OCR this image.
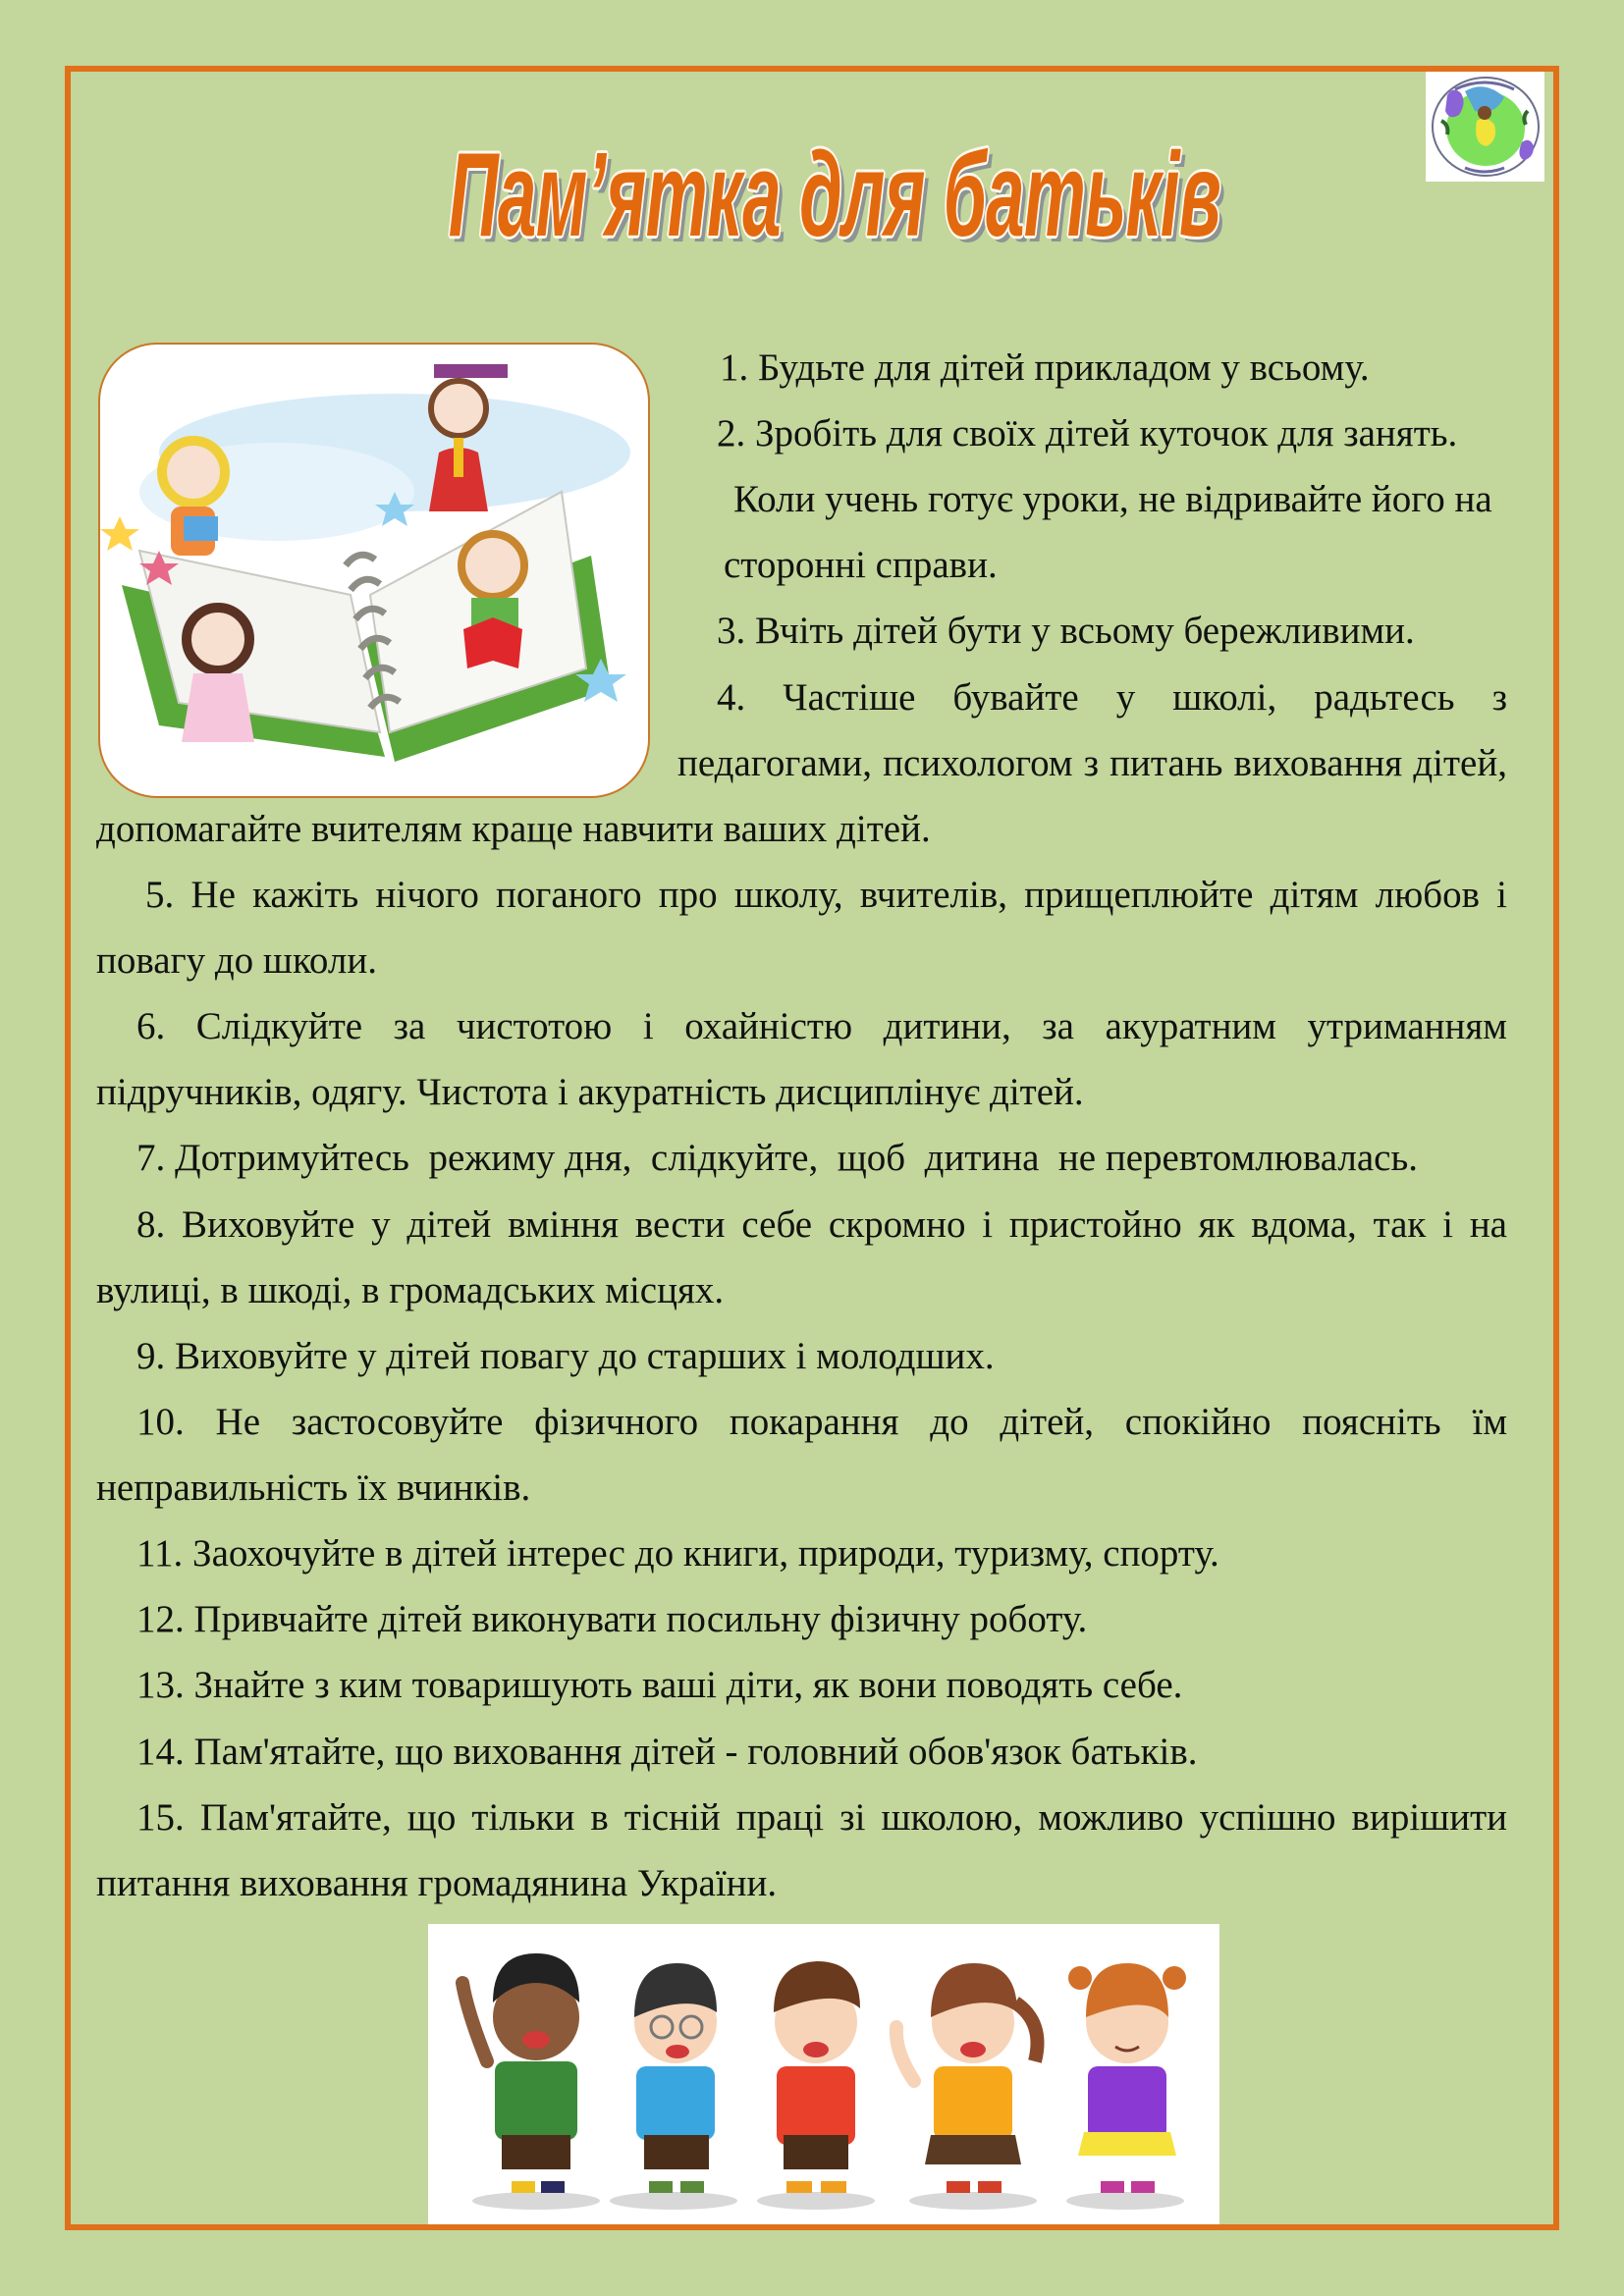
Пам’ятка для батьків
1. Будьте для дітей прикладом у всьому.
2. Зробіть для своїх дітей куточок для занять.
Коли учень готує уроки, не відривайте його на
сторонні справи.
3. Вчіть дітей бути у всьому бережливими.
4. Частіше бувайте у школі, радьтесь з
педагогами, психологом з питань виховання дітей,
допомагайте вчителям краще навчити ваших дітей.
5. Не кажіть нічого поганого про школу, вчителів, прищеплюйте дітям любов і
повагу до школи.
6. Слідкуйте за чистотою і охайністю дитини, за акуратним утриманням
підручників, одягу. Чистота і акуратність дисциплінує дітей.
7. Дотримуйтесь  режиму дня,  слідкуйте,  щоб  дитина  не перевтомлювалась.
8. Виховуйте у дітей вміння вести себе скромно і пристойно як вдома, так і на
вулиці, в шкоді, в громадських місцях.
9. Виховуйте у дітей повагу до старших і молодших.
10. Не застосовуйте фізичного покарання до дітей, спокійно поясніть їм
неправильність їх вчинків.
11. Заохочуйте в дітей інтерес до книги, природи, туризму, спорту.
12. Привчайте дітей виконувати посильну фізичну роботу.
13. Знайте з ким товаришують ваші діти, як вони поводять себе.
14. Пам'ятайте, що виховання дітей - головний обов'язок батьків.
15. Пам'ятайте, що тільки в тісній праці зі школою, можливо успішно вирішити
питання виховання громадянина України.
